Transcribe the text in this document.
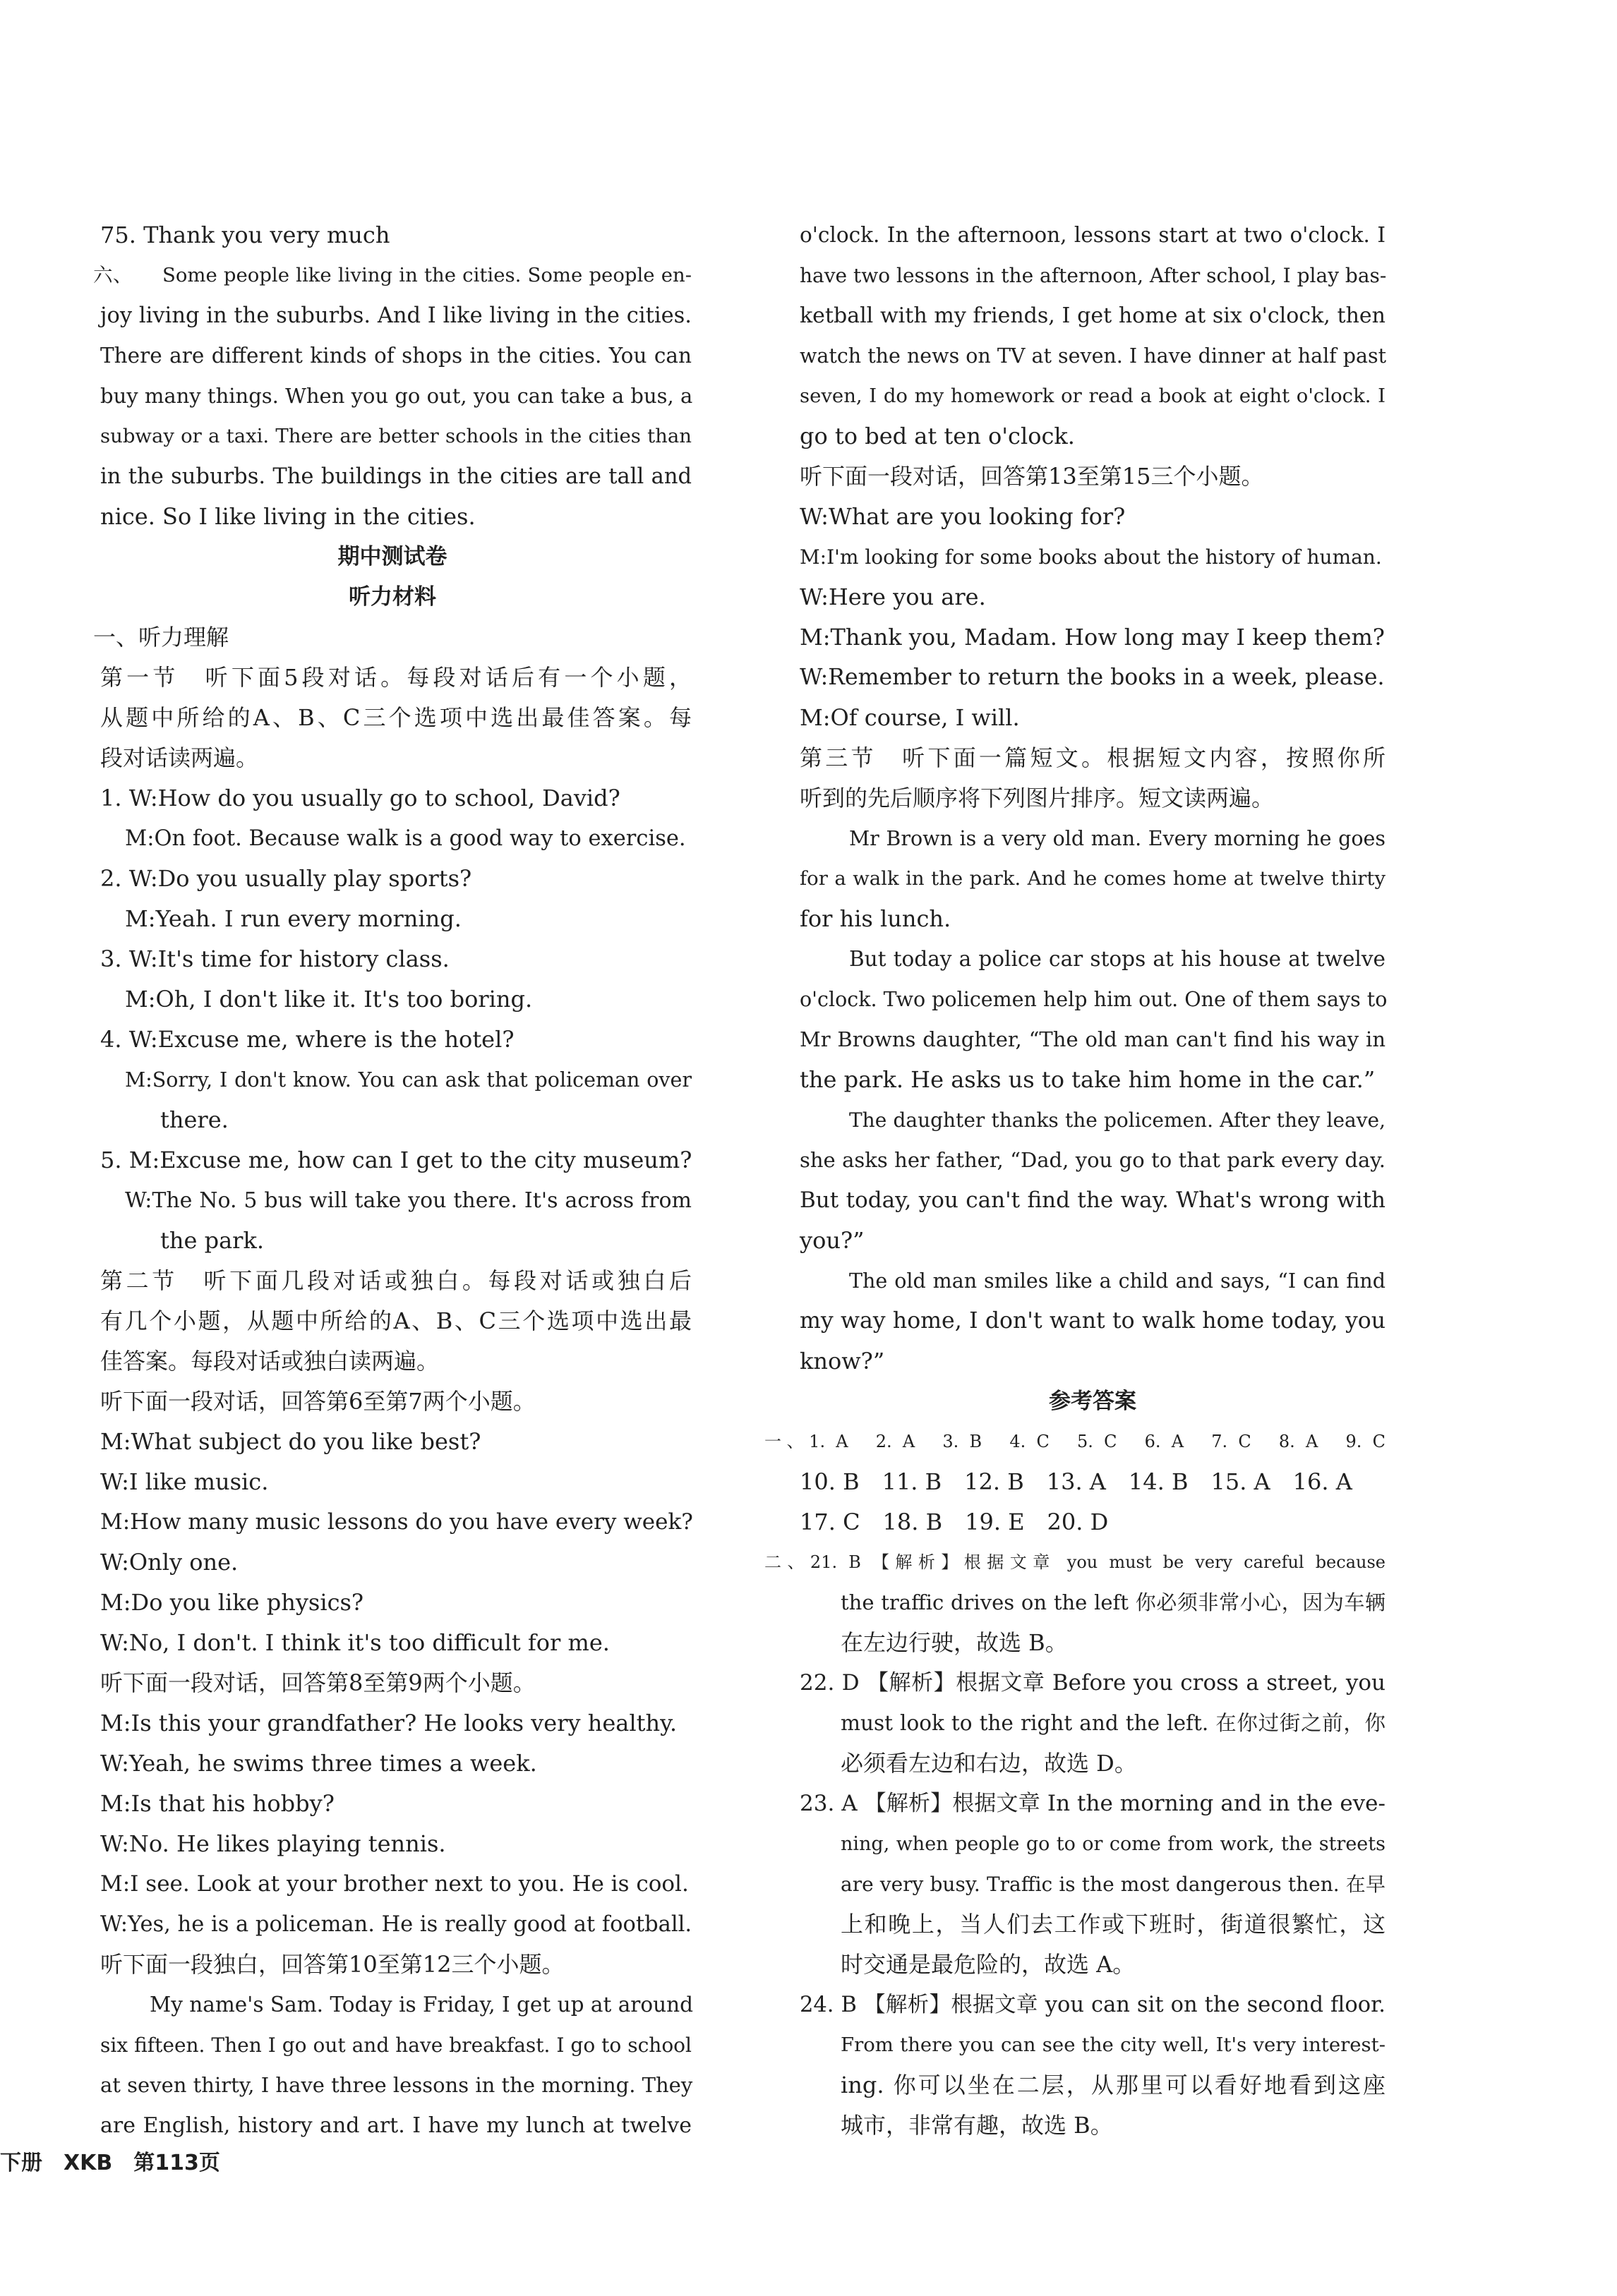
75. Thank you very much
六、　　Some people like living in the cities. Some people en-
joy living in the suburbs. And I like living in the cities.
There are different kinds of shops in the cities. You can
buy many things. When you go out, you can take a bus, a
subway or a taxi. There are better schools in the cities than
in the suburbs. The buildings in the cities are tall and
nice. So I like living in the cities.
期中测试卷
听力材料
一、听力理解
第一节　听下面5段对话。每段对话后有一个小题，
从题中所给的A、B、C三个选项中选出最佳答案。每
段对话读两遍。
1. W:How do you usually go to school, David?
M:On foot. Because walk is a good way to exercise.
2. W:Do you usually play sports?
M:Yeah. I run every morning.
3. W:It's time for history class.
M:Oh, I don't like it. It's too boring.
4. W:Excuse me, where is the hotel?
M:Sorry, I don't know. You can ask that policeman over
there.
5. M:Excuse me, how can I get to the city museum?
W:The No. 5 bus will take you there. It's across from
the park.
第二节　听下面几段对话或独白。每段对话或独白后
有几个小题，从题中所给的A、B、C三个选项中选出最
佳答案。每段对话或独白读两遍。
听下面一段对话，回答第6至第7两个小题。
M:What subject do you like best?
W:I like music.
M:How many music lessons do you have every week?
W:Only one.
M:Do you like physics?
W:No, I don't. I think it's too difficult for me.
听下面一段对话，回答第8至第9两个小题。
M:Is this your grandfather? He looks very healthy.
W:Yeah, he swims three times a week.
M:Is that his hobby?
W:No. He likes playing tennis.
M:I see. Look at your brother next to you. He is cool.
W:Yes, he is a policeman. He is really good at football.
听下面一段独白，回答第10至第12三个小题。
My name's Sam. Today is Friday, I get up at around
six fifteen. Then I go out and have breakfast. I go to school
at seven thirty, I have three lessons in the morning. They
are English, history and art. I have my lunch at twelve
o'clock. In the afternoon, lessons start at two o'clock. I
have two lessons in the afternoon, After school, I play bas-
ketball with my friends, I get home at six o'clock, then
watch the news on TV at seven. I have dinner at half past
seven, I do my homework or read a book at eight o'clock. I
go to bed at ten o'clock.
听下面一段对话，回答第13至第15三个小题。
W:What are you looking for?
M:I'm looking for some books about the history of human.
W:Here you are.
M:Thank you, Madam. How long may I keep them?
W:Remember to return the books in a week, please.
M:Of course, I will.
第三节　听下面一篇短文。根据短文内容，按照你所
听到的先后顺序将下列图片排序。短文读两遍。
Mr Brown is a very old man. Every morning he goes
for a walk in the park. And he comes home at twelve thirty
for his lunch.
But today a police car stops at his house at twelve
o'clock. Two policemen help him out. One of them says to
Mr Browns daughter, “The old man can't find his way in
the park. He asks us to take him home in the car.”
The daughter thanks the policemen. After they leave,
she asks her father, “Dad, you go to that park every day.
But today, you can't find the way. What's wrong with
you?”
The old man smiles like a child and says, “I can find
my way home, I don't want to walk home today, you
know?”
参考答案
一、1. A　2. A　3. B　4. C　5. C　6. A　7. C　8. A　9. C
10. B　11. B　12. B　13. A　14. B　15. A　16. A
17. C　18. B　19. E　20. D
二、21. B 【解析】根据文章 you must be very careful because
the traffic drives on the left 你必须非常小心，因为车辆
在左边行驶，故选 B。
22. D 【解析】根据文章 Before you cross a street, you
must look to the right and the left. 在你过街之前，你
必须看左边和右边，故选 D。
23. A 【解析】根据文章 In the morning and in the eve-
ning, when people go to or come from work, the streets
are very busy. Traffic is the most dangerous then. 在早
上和晚上，当人们去工作或下班时，街道很繁忙，这
时交通是最危险的，故选 A。
24. B 【解析】根据文章 you can sit on the second floor.
From there you can see the city well, It's very interest-
ing. 你可以坐在二层，从那里可以看好地看到这座
城市，非常有趣，故选 B。
下册　XKB　第113页
